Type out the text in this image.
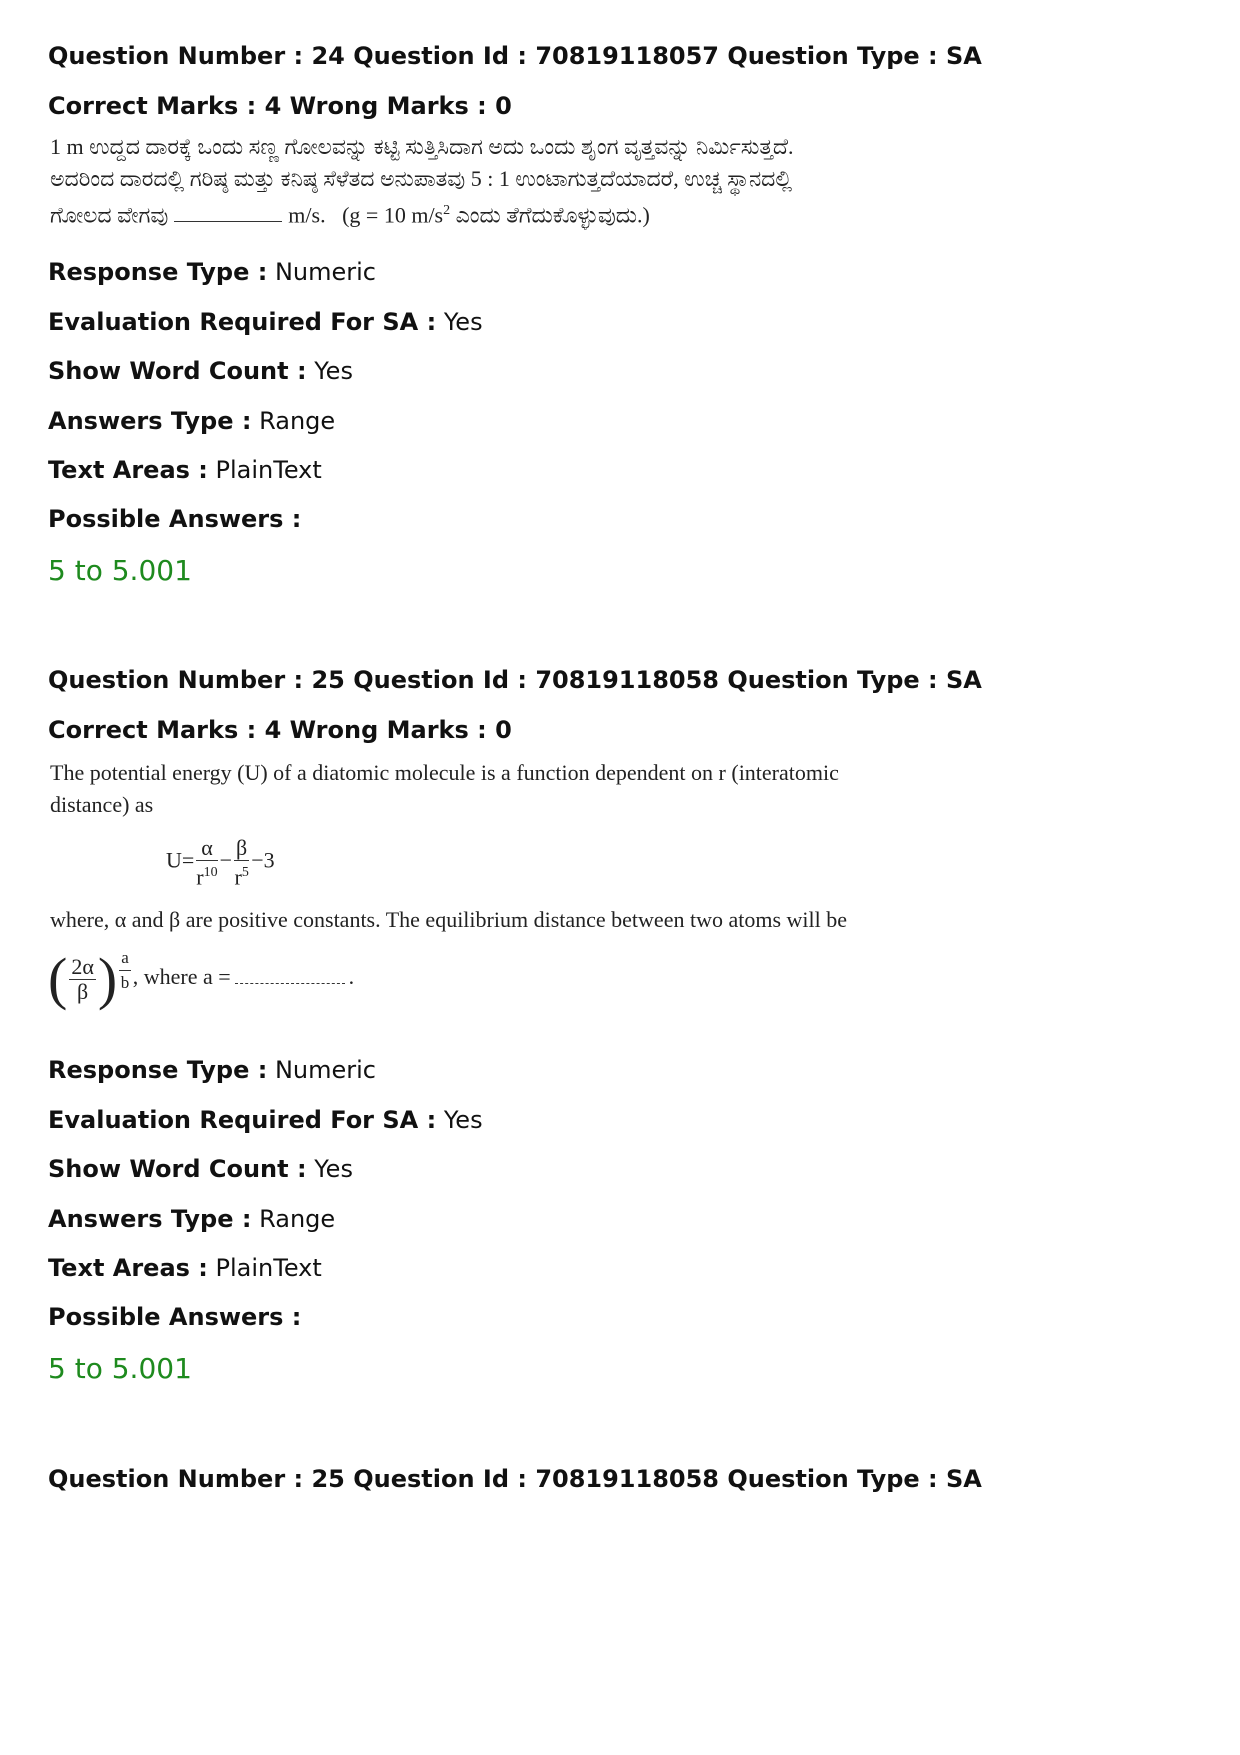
Question Number : 24 Question Id : 70819118057 Question Type : SA
Correct Marks : 4 Wrong Marks : 0
1 m ಉದ್ದದ ದಾರಕ್ಕೆ ಒಂದು ಸಣ್ಣ ಗೋಲವನ್ನು ಕಟ್ಟಿ ಸುತ್ತಿಸಿದಾಗ ಅದು ಒಂದು ಶೃಂಗ ವೃತ್ತವನ್ನು ನಿರ್ಮಿಸುತ್ತದೆ.
ಅದರಿಂದ ದಾರದಲ್ಲಿ ಗರಿಷ್ಠ ಮತ್ತು ಕನಿಷ್ಠ ಸೆಳೆತದ ಅನುಪಾತವು 5 : 1 ಉಂಟಾಗುತ್ತದೆಯಾದರೆ, ಉಚ್ಚ ಸ್ಥಾನದಲ್ಲಿ
ಗೋಲದ ವೇಗವು	m/s. (g = 10 $m/s^2$ ಎಂದು ತೆಗೆದುಕೊಳ್ಳುವುದು.)
Response Type : Numeric
Evaluation Required For SA : Yes
Show Word Count : Yes
Answers Type : Range
Text Areas : PlainText
Possible Answers :
5 to 5.001
Question Number : 25 Question Id : 70819118058 Question Type : SA
Correct Marks : 4 Wrong Marks : 0
The potential energy (U) of a diatomic molecule is a function dependent on r (interatomic
distance) as
$U= \frac{\alpha}{r^{10}} - \frac{\beta}{r^5} -3$
where, α and β are positive constants. The equilibrium distance between two atoms will be
( $\frac{2\alpha}{\beta}$ ) $\frac{a}{b}$ , where a =	.
Response Type : Numeric
Evaluation Required For SA : Yes
Show Word Count : Yes
Answers Type : Range
Text Areas : PlainText
Possible Answers :
5 to 5.001
Question Number : 25 Question Id : 70819118058 Question Type : SA
